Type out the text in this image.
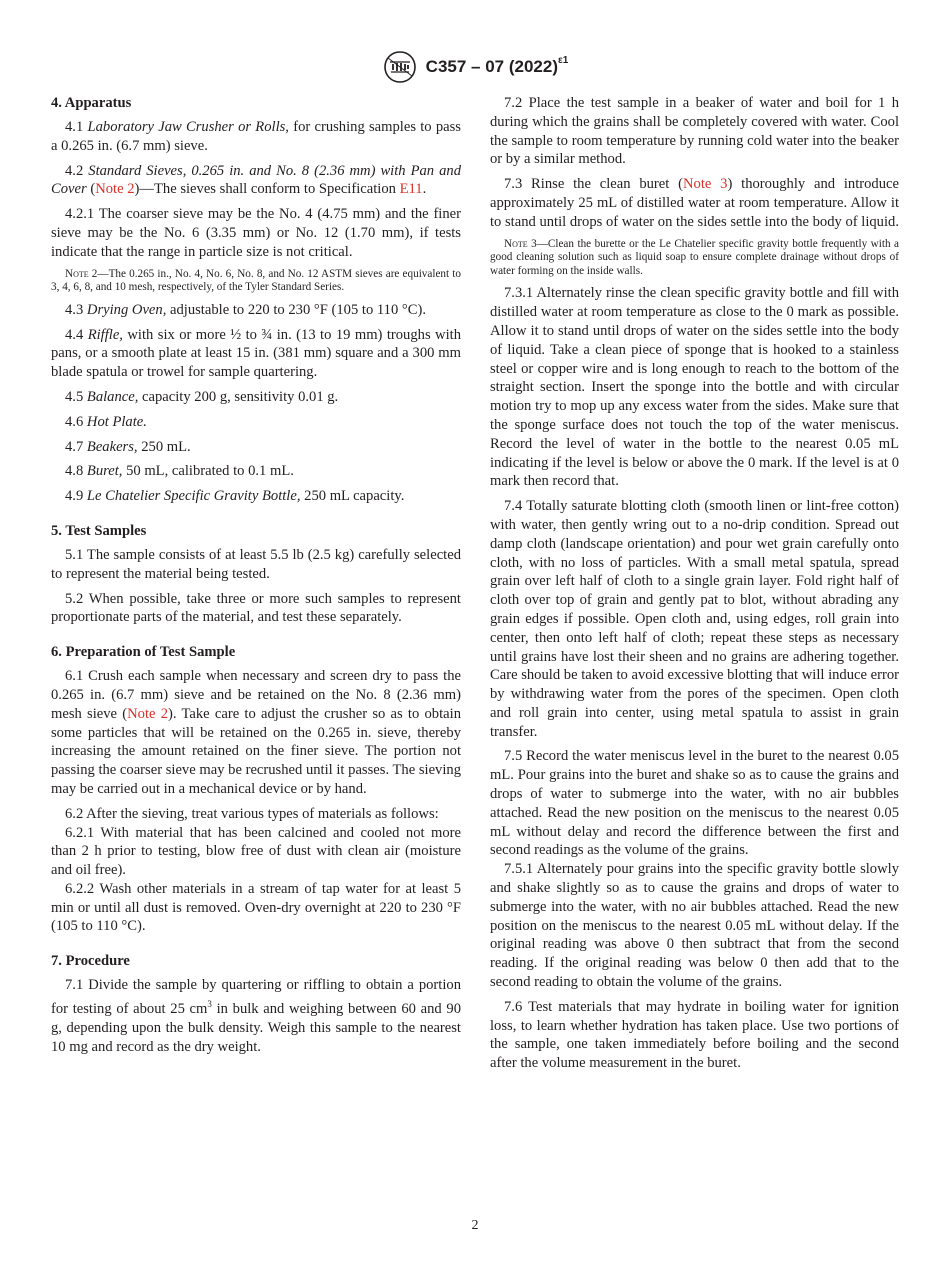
C357 – 07 $(2022)^{\varepsilon 1}$
4. Apparatus

4.1 Laboratory Jaw Crusher or Rolls, for crushing samples to pass a 0.265 in. (6.7 mm) sieve.

4.2 Standard Sieves, 0.265 in. and No. 8 (2.36 mm) with Pan and Cover (Note 2)—The sieves shall conform to Specification E11.

4.2.1 The coarser sieve may be the No. 4 (4.75 mm) and the finer sieve may be the No. 6 (3.35 mm) or No. 12 (1.70 mm), if tests indicate that the range in particle size is not critical.

Note 2—The 0.265 in., No. 4, No. 6, No. 8, and No. 12 ASTM sieves are equivalent to 3, 4, 6, 8, and 10 mesh, respectively, of the Tyler Standard Series.

4.3 Drying Oven, adjustable to 220 to 230 °F (105 to 110 °C).

4.4 Riffle, with six or more ½ to ¾ in. (13 to 19 mm) troughs with pans, or a smooth plate at least 15 in. (381 mm) square and a 300 mm blade spatula or trowel for sample quartering.

4.5 Balance, capacity 200 g, sensitivity 0.01 g.

4.6 Hot Plate.

4.7 Beakers, 250 mL.

4.8 Buret, 50 mL, calibrated to 0.1 mL.

4.9 Le Chatelier Specific Gravity Bottle, 250 mL capacity.

5. Test Samples

5.1 The sample consists of at least 5.5 lb (2.5 kg) carefully selected to represent the material being tested.

5.2 When possible, take three or more such samples to represent proportionate parts of the material, and test these separately.

6. Preparation of Test Sample

6.1 Crush each sample when necessary and screen dry to pass the 0.265 in. (6.7 mm) sieve and be retained on the No. 8 (2.36 mm) mesh sieve (Note 2). Take care to adjust the crusher so as to obtain some particles that will be retained on the 0.265 in. sieve, thereby increasing the amount retained on the finer sieve. The portion not passing the coarser sieve may be recrushed until it passes. The sieving may be carried out in a mechanical device or by hand.

6.2 After the sieving, treat various types of materials as follows:

6.2.1 With material that has been calcined and cooled not more than 2 h prior to testing, blow free of dust with clean air (moisture and oil free).

6.2.2 Wash other materials in a stream of tap water for at least 5 min or until all dust is removed. Oven-dry overnight at 220 to 230 °F (105 to 110 °C).

7. Procedure

7.1 Divide the sample by quartering or riffling to obtain a portion for testing of about 25 $cm^3$ in bulk and weighing between 60 and 90 g, depending upon the bulk density. Weigh this sample to the nearest 10 mg and record as the dry weight.

7.2 Place the test sample in a beaker of water and boil for 1 h during which the grains shall be completely covered with water. Cool the sample to room temperature by running cold water into the beaker or by a similar method.

7.3 Rinse the clean buret (Note 3) thoroughly and introduce approximately 25 mL of distilled water at room temperature. Allow it to stand until drops of water on the sides settle into the body of liquid.

Note 3—Clean the burette or the Le Chatelier specific gravity bottle frequently with a good cleaning solution such as liquid soap to ensure complete drainage without drops of water forming on the inside walls.

7.3.1 Alternately rinse the clean specific gravity bottle and fill with distilled water at room temperature as close to the 0 mark as possible. Allow it to stand until drops of water on the sides settle into the body of liquid. Take a clean piece of sponge that is hooked to a stainless steel or copper wire and is long enough to reach to the bottom of the straight section. Insert the sponge into the bottle and with circular motion try to mop up any excess water from the sides. Make sure that the sponge surface does not touch the top of the water meniscus. Record the level of water in the bottle to the nearest 0.05 mL indicating if the level is below or above the 0 mark. If the level is at 0 mark then record that.

7.4 Totally saturate blotting cloth (smooth linen or lint-free cotton) with water, then gently wring out to a no-drip condition. Spread out damp cloth (landscape orientation) and pour wet grain carefully onto cloth, with no loss of particles. With a small metal spatula, spread grain over left half of cloth to a single grain layer. Fold right half of cloth over top of grain and gently pat to blot, without abrading any grain edges if possible. Open cloth and, using edges, roll grain into center, then onto left half of cloth; repeat these steps as necessary until grains have lost their sheen and no grains are adhering together. Care should be taken to avoid excessive blotting that will induce error by withdrawing water from the pores of the specimen. Open cloth and roll grain into center, using metal spatula to assist in grain transfer.

7.5 Record the water meniscus level in the buret to the nearest 0.05 mL. Pour grains into the buret and shake so as to cause the grains and drops of water to submerge into the water, with no air bubbles attached. Read the new position on the meniscus to the nearest 0.05 mL without delay and record the difference between the first and second readings as the volume of the grains.

7.5.1 Alternately pour grains into the specific gravity bottle slowly and shake slightly so as to cause the grains and drops of water to submerge into the water, with no air bubbles attached. Read the new position on the meniscus to the nearest 0.05 mL without delay. If the original reading was above 0 then subtract that from the second reading. If the original reading was below 0 then add that to the second reading to obtain the volume of the grains.

7.6 Test materials that may hydrate in boiling water for ignition loss, to learn whether hydration has taken place. Use two portions of the sample, one taken immediately before boiling and the second after the volume measurement in the buret.

2
